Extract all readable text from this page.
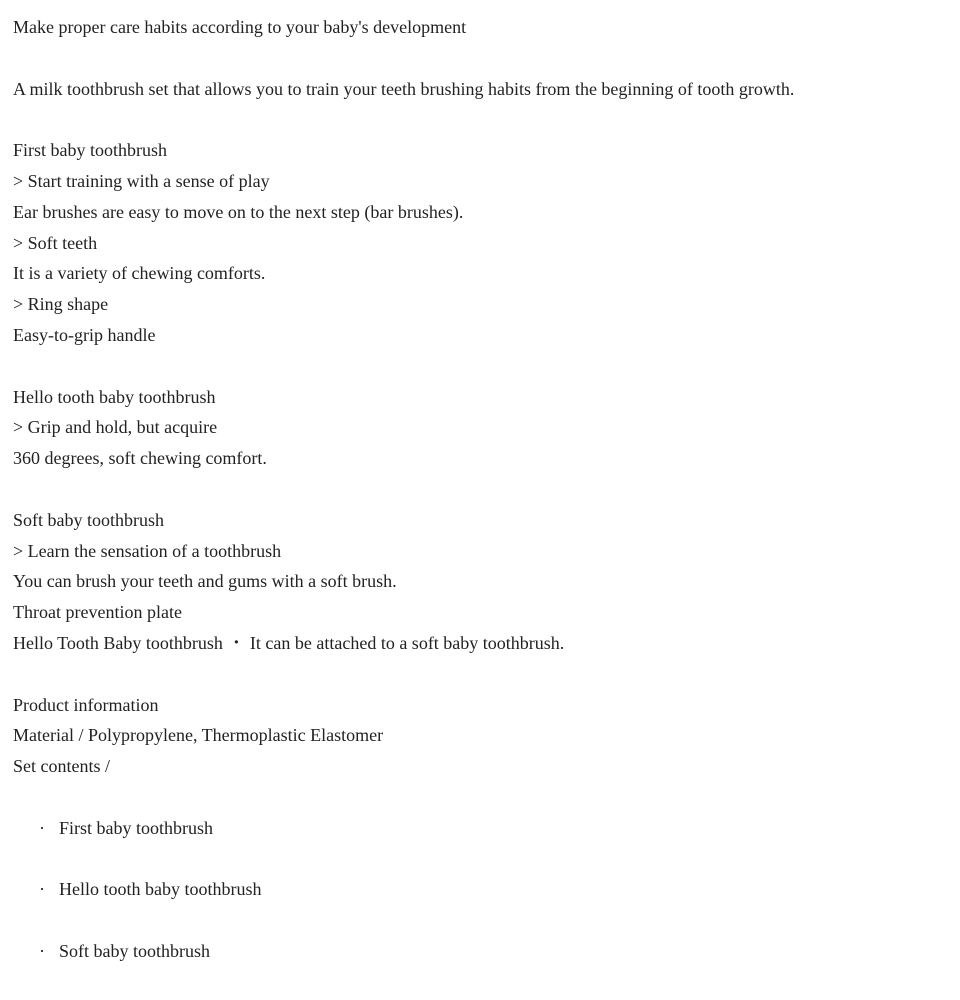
Make proper care habits according to your baby's development
A milk toothbrush set that allows you to train your teeth brushing habits from the beginning of tooth growth.
First baby toothbrush
> Start training with a sense of play
Ear brushes are easy to move on to the next step (bar brushes).
> Soft teeth
It is a variety of chewing comforts.
> Ring shape
Easy-to-grip handle
Hello tooth baby toothbrush
> Grip and hold, but acquire
360 degrees, soft chewing comfort.
Soft baby toothbrush
> Learn the sensation of a toothbrush
You can brush your teeth and gums with a soft brush.
Throat prevention plate
Hello Tooth Baby toothbrush ・ It can be attached to a soft baby toothbrush.
Product information
Material / Polypropylene, Thermoplastic Elastomer
Set contents /
· First baby toothbrush
· Hello tooth baby toothbrush
· Soft baby toothbrush
